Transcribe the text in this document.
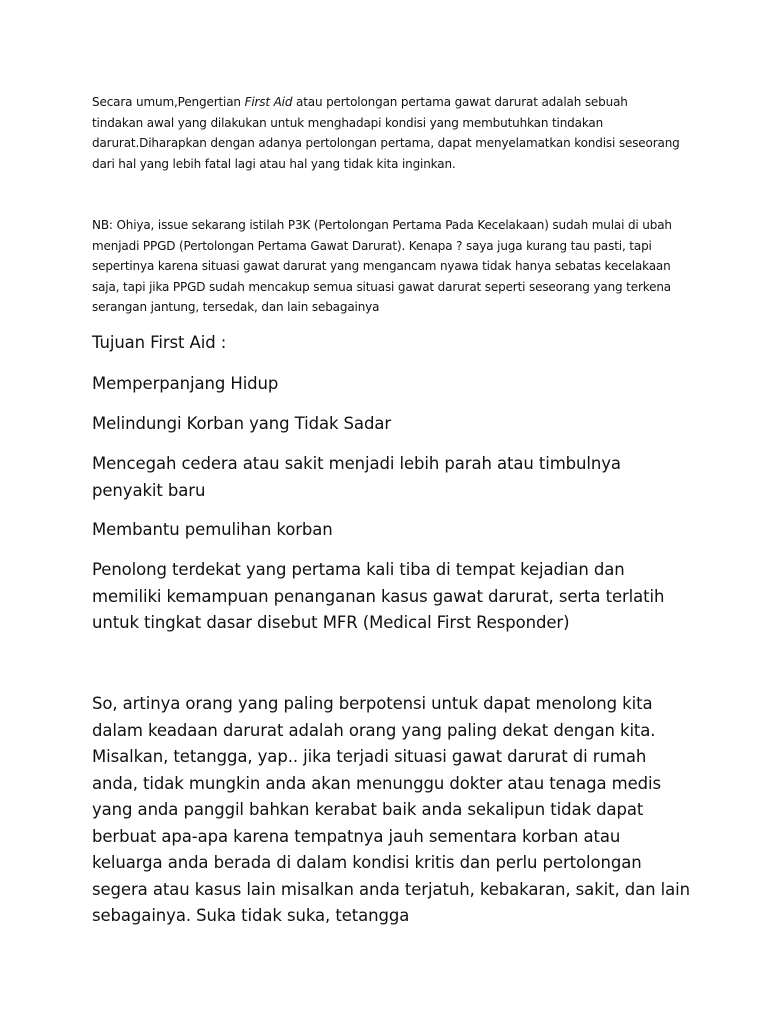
Secara umum,Pengertian First Aid atau pertolongan pertama gawat darurat adalah sebuah tindakan awal yang dilakukan untuk menghadapi kondisi yang membutuhkan tindakan darurat.Diharapkan dengan adanya pertolongan pertama, dapat menyelamatkan kondisi seseorang dari hal yang lebih fatal lagi atau hal yang tidak kita inginkan.

NB: Ohiya, issue sekarang istilah P3K (Pertolongan Pertama Pada Kecelakaan) sudah mulai di ubah menjadi PPGD (Pertolongan Pertama Gawat Darurat). Kenapa ? saya juga kurang tau pasti, tapi sepertinya karena situasi gawat darurat yang mengancam nyawa tidak hanya sebatas kecelakaan saja, tapi jika PPGD sudah mencakup semua situasi gawat darurat seperti seseorang yang terkena serangan jantung, tersedak, dan lain sebagainya

Tujuan First Aid :

Memperpanjang Hidup

Melindungi Korban yang Tidak Sadar

Mencegah cedera atau sakit menjadi lebih parah atau timbulnya penyakit baru

Membantu pemulihan korban

Penolong terdekat yang pertama kali tiba di tempat kejadian dan memiliki kemampuan penanganan kasus gawat darurat, serta terlatih untuk tingkat dasar disebut MFR (Medical First Responder)

So, artinya orang yang paling berpotensi untuk dapat menolong kita dalam keadaan darurat adalah orang yang paling dekat dengan kita. Misalkan, tetangga, yap.. jika terjadi situasi gawat darurat di rumah anda, tidak mungkin anda akan menunggu dokter atau tenaga medis yang anda panggil bahkan kerabat baik anda sekalipun tidak dapat berbuat apa-apa karena tempatnya jauh sementara korban atau keluarga anda berada di dalam kondisi kritis dan perlu pertolongan segera atau kasus lain misalkan anda terjatuh, kebakaran, sakit, dan lain sebagainya. Suka tidak suka, tetangga
